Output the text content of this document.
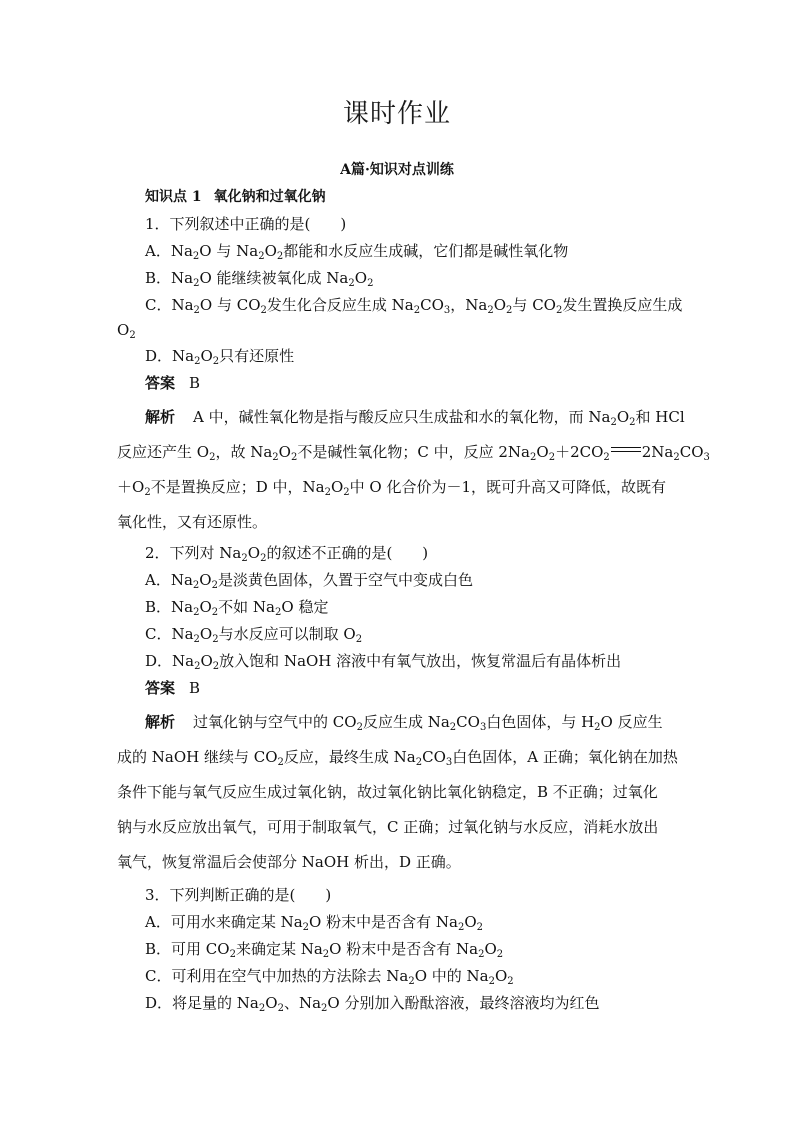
课时作业
A篇·知识对点训练
知识点 1 氧化钠和过氧化钠
1．下列叙述中正确的是(　　)
A．$Na_2O$ 与 $Na_2O_2$都能和水反应生成碱，它们都是碱性氧化物
B．$Na_2O$ 能继续被氧化成 $Na_2O_2$
C．$Na_2O$ 与 $CO_2$发生化合反应生成 $Na_2CO_3$，$Na_2O_2$与 $CO_2$发生置换反应生成
$O_2$
D．$Na_2O_2$只有还原性
答案 B
解析 A 中，碱性氧化物是指与酸反应只生成盐和水的氧化物，而 $Na_2O_2$和 HCl
反应还产生 $O_2$，故 $Na_2O_2$不是碱性氧化物；C 中，反应 $2Na_2O_2+2CO_2$ $2Na_2CO_3$
$+O_2$不是置换反应；D 中，$Na_2O_2$中 O 化合价为－1，既可升高又可降低，故既有
氧化性，又有还原性。
2．下列对 $Na_2O_2$的叙述不正确的是(　　)
A．$Na_2O_2$是淡黄色固体，久置于空气中变成白色
B．$Na_2O_2$不如 $Na_2O$ 稳定
C．$Na_2O_2$与水反应可以制取 $O_2$
D．$Na_2O_2$放入饱和 NaOH 溶液中有氧气放出，恢复常温后有晶体析出
答案 B
解析 过氧化钠与空气中的 $CO_2$反应生成 $Na_2CO_3$白色固体，与 $H_2O$ 反应生
成的 NaOH 继续与 $CO_2$反应，最终生成 $Na_2CO_3$白色固体，A 正确；氧化钠在加热
条件下能与氧气反应生成过氧化钠，故过氧化钠比氧化钠稳定，B 不正确；过氧化
钠与水反应放出氧气，可用于制取氧气，C 正确；过氧化钠与水反应，消耗水放出
氧气，恢复常温后会使部分 NaOH 析出，D 正确。
3．下列判断正确的是(　　)
A．可用水来确定某 $Na_2O$ 粉末中是否含有 $Na_2O_2$
B．可用 $CO_2$来确定某 $Na_2O$ 粉末中是否含有 $Na_2O_2$
C．可利用在空气中加热的方法除去 $Na_2O$ 中的 $Na_2O_2$
D．将足量的 $Na_2O_2$、$Na_2O$ 分别加入酚酞溶液，最终溶液均为红色
